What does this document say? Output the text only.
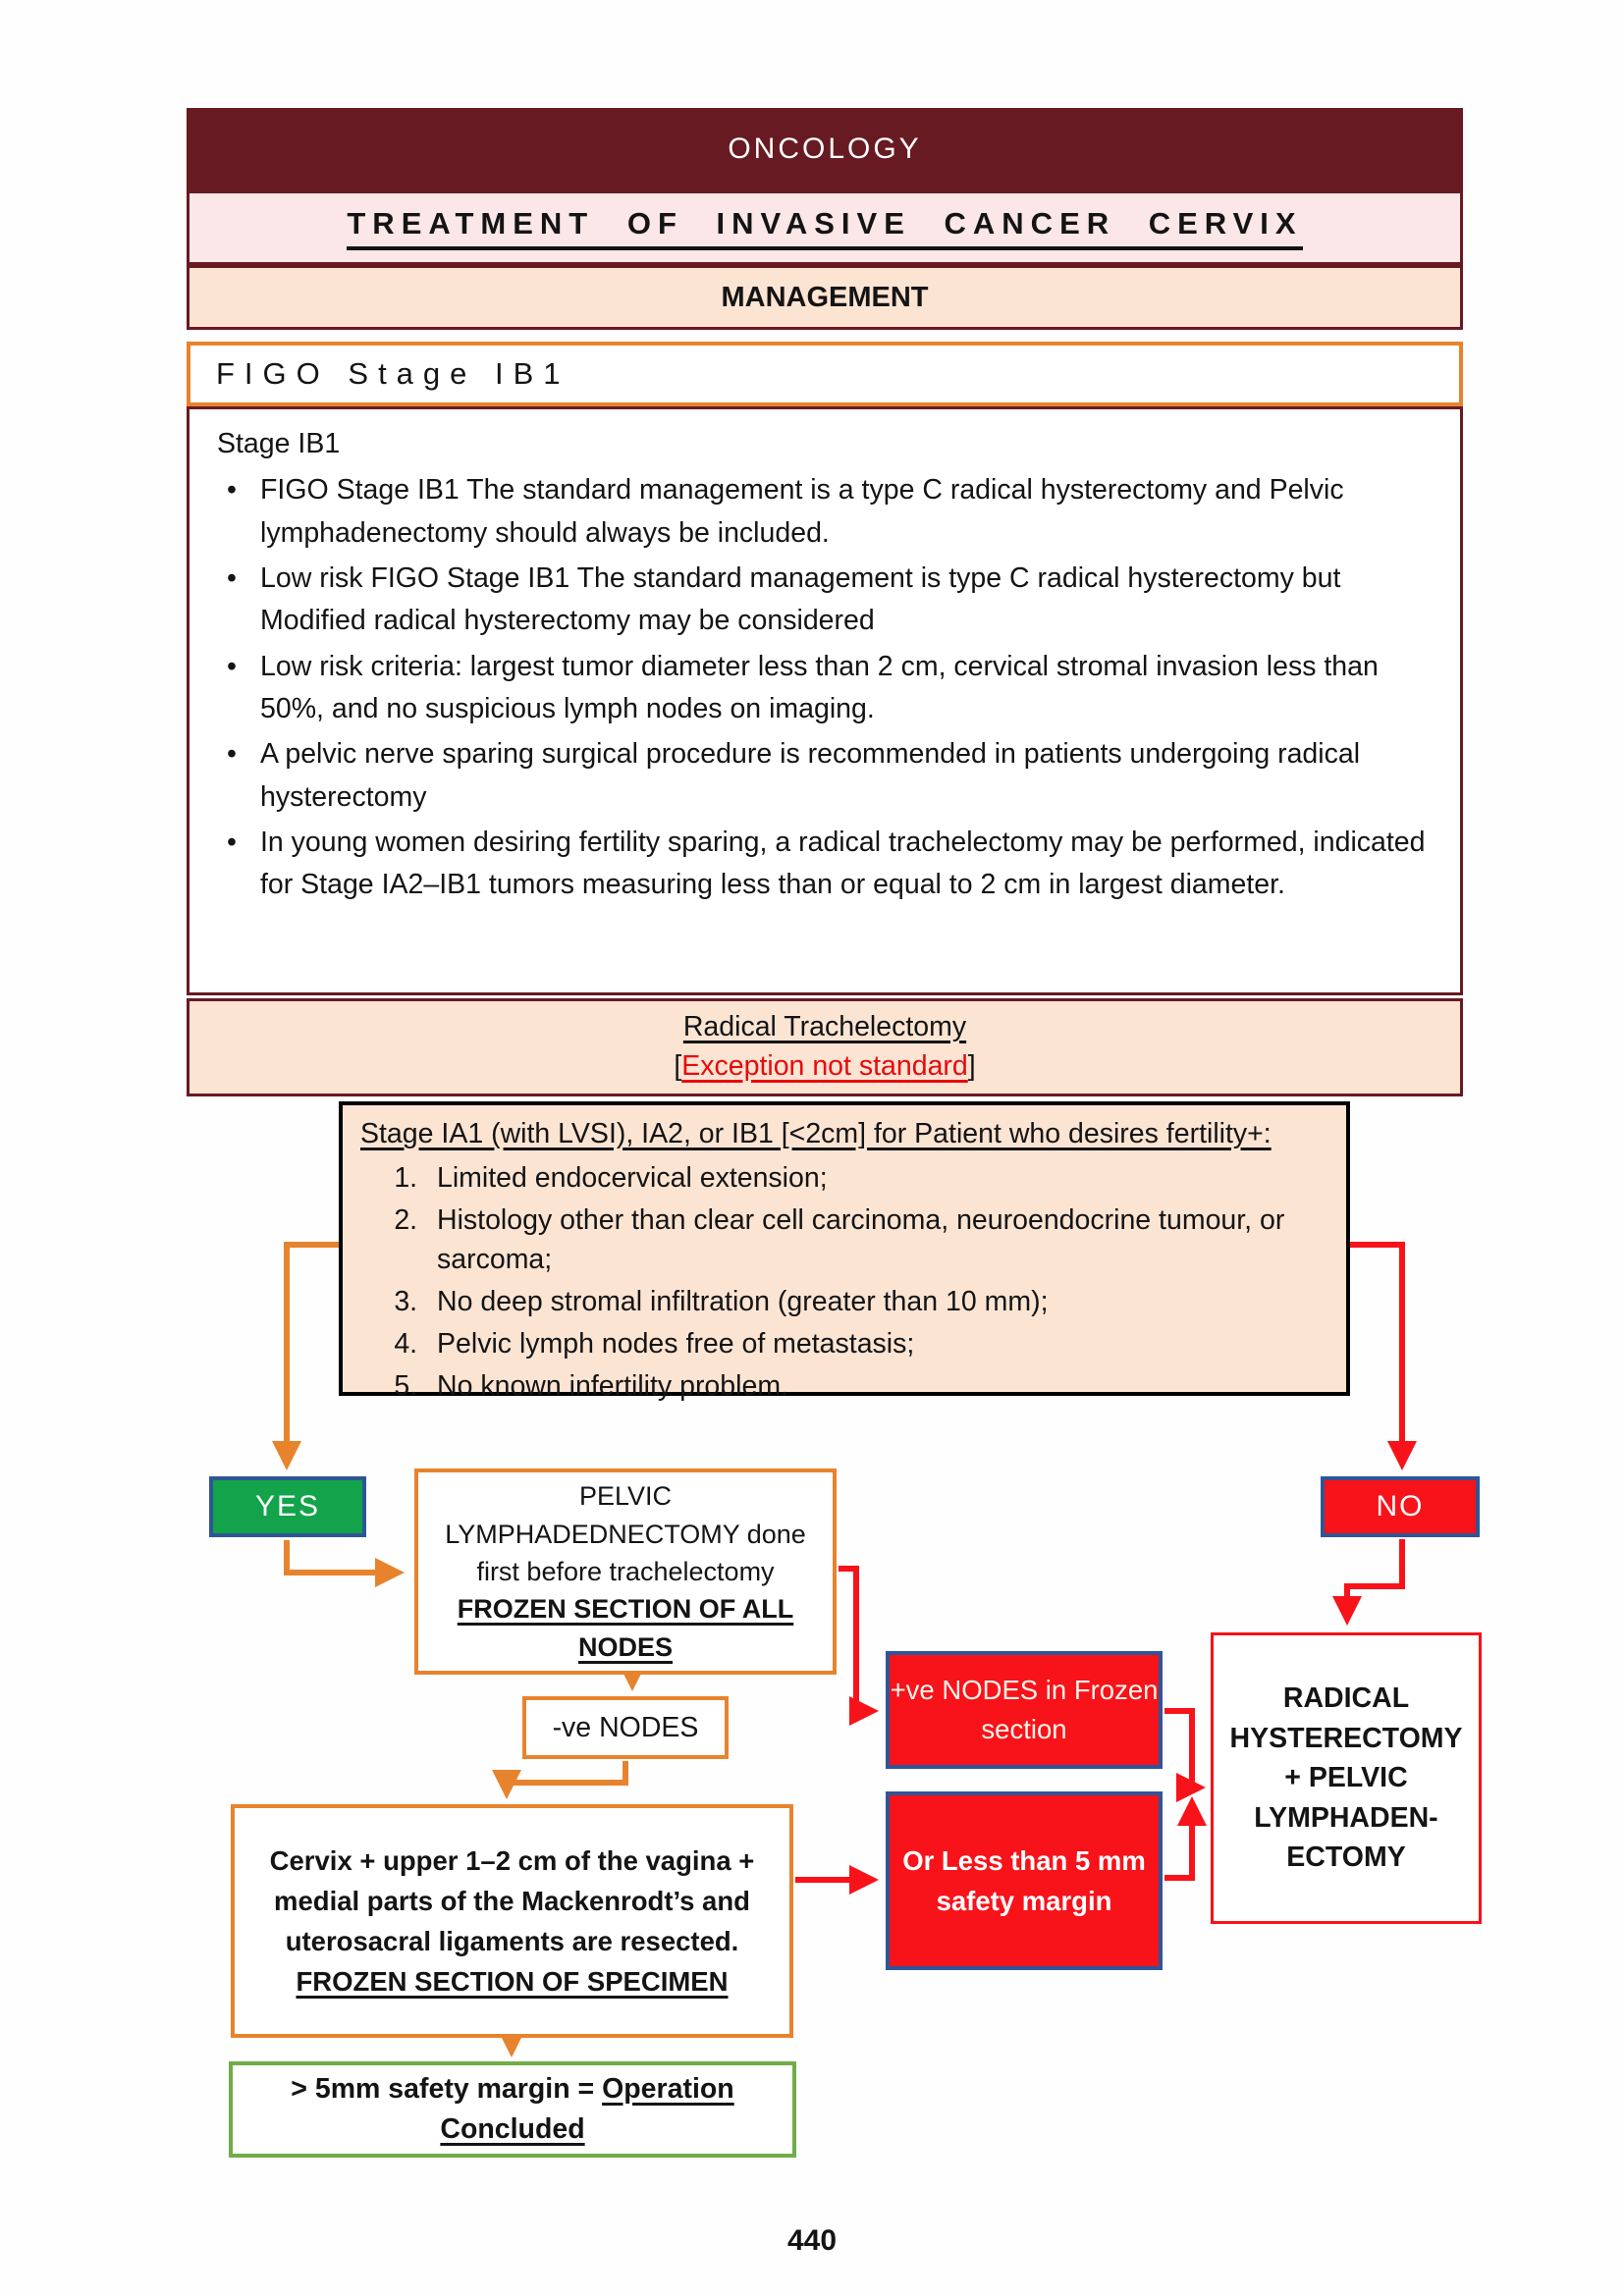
ONCOLOGY
TREATMENT OF INVASIVE CANCER CERVIX
MANAGEMENT
FIGO Stage IB1
Stage IB1
• FIGO Stage IB1 The standard management is a type C radical hysterectomy and Pelvic lymphadenectomy should always be included.
• Low risk FIGO Stage IB1 The standard management is type C radical hysterectomy but Modified radical hysterectomy may be considered
• Low risk criteria: largest tumor diameter less than 2 cm, cervical stromal invasion less than 50%, and no suspicious lymph nodes on imaging.
• A pelvic nerve sparing surgical procedure is recommended in patients undergoing radical hysterectomy
• In young women desiring fertility sparing, a radical trachelectomy may be performed, indicated for Stage IA2–IB1 tumors measuring less than or equal to 2 cm in largest diameter.
Radical Trachelectomy
[Exception not standard]
Stage IA1 (with LVSI), IA2, or IB1 [<2cm] for Patient who desires fertility+:
1. Limited endocervical extension;
2. Histology other than clear cell carcinoma, neuroendocrine tumour, or sarcoma;
3. No deep stromal infiltration (greater than 10 mm);
4. Pelvic lymph nodes free of metastasis;
5. No known infertility problem.
YES	NO
PELVIC LYMPHADEDNECTOMY done first before trachelectomy
FROZEN SECTION OF ALL NODES
-ve NODES
+ve NODES in Frozen section
Or Less than 5 mm safety margin
Cervix + upper 1–2 cm of the vagina + medial parts of the Mackenrodt’s and uterosacral ligaments are resected.
FROZEN SECTION OF SPECIMEN
RADICAL
HYSTERECTOMY
+ PELVIC
LYMPHADEN-
ECTOMY
> 5mm safety margin = Operation Concluded
440
